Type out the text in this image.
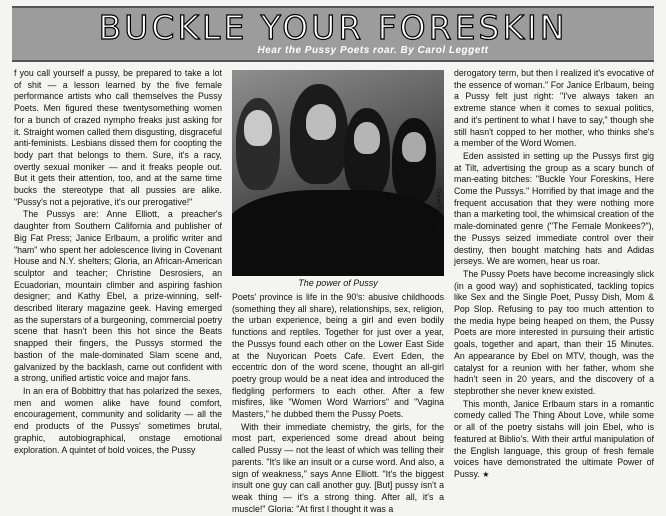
BUCKLE YOUR FORESKIN
Hear the Pussy Poets roar. By Carol Leggett

f you call yourself a pussy, be prepared to take a lot of shit — a lesson learned by the five female performance artists who call themselves the Pussy Poets. Men figured these twentysomething women for a bunch of crazed nympho freaks just asking for it. Straight women called them disgusting, disgraceful anti-feminists. Lesbians dissed them for coopting the body part that belongs to them. Sure, it's a racy, overtly sexual moniker — and it freaks people out. But it gets their attention, too, and at the same time bucks the stereotype that all pussies are alike. "Pussy's not a pejorative, it's our prerogative!"

The Pussys are: Anne Elliott, a preacher's daughter from Southern California and publisher of Big Fat Press; Janice Erlbaum, a prolific writer and "ham" who spent her adolescence living in Covenant House and N.Y. shelters; Gloria, an African-American sculptor and teacher; Christine Desrosiers, an Ecuadorian, mountain climber and aspiring fashion designer; and Kathy Ebel, a prize-winning, self-described literary magazine geek. Having emerged as the superstars of a burgeoning, commercial poetry scene that hasn't been this hot since the Beats snapped their fingers, the Pussys stormed the bastion of the male-dominated Slam scene and, galvanized by the backlash, came out confident with a strong, unified artistic voice and major fans.

In an era of Bobbittry that has polarized the sexes, men and women alike have found comfort, encouragement, community and solidarity — all the end products of the Pussys' sometimes brutal, graphic, autobiographical, onstage emotional exploration. A quintet of bold voices, the Pussy

JOHN DIFILIPPO
The power of Pussy

Poets' province is life in the 90's: abusive childhoods (something they all share), relationships, sex, religion, the urban experience, being a girl and even bodily functions and reptiles. Together for just over a year, the Pussys found each other on the Lower East Side at the Nuyorican Poets Cafe. Evert Eden, the eccentric don of the word scene, thought an all-girl poetry group would be a neat idea and introduced the fledgling performers to each other. After a few misfires, like "Women Word Warriors" and "Vagina Masters," he dubbed them the Pussy Poets.

With their immediate chemistry, the girls, for the most part, experienced some dread about being called Pussy — not the least of which was telling their parents. "It's like an insult or a curse word. And also, a sign of weakness," says Anne Elliott. "It's the biggest insult one guy can call another guy. [But] pussy isn't a weak thing — it's a strong thing. After all, it's a muscle!" Gloria: "At first I thought it was a

derogatory term, but then I realized it's evocative of the essence of woman." For Janice Erlbaum, being a Pussy felt just right: "I've always taken an extreme stance when it comes to sexual politics, and it's pertinent to what I have to say," though she still hasn't copped to her mother, who thinks she's a member of the Word Women.

Eden assisted in setting up the Pussys first gig at Tilt, advertising the group as a scary bunch of man-eating bitches: "Buckle Your Foreskins, Here Come the Pussys." Horrified by that image and the frequent accusation that they were nothing more than a marketing tool, the whimsical creation of the male-dominated genre ("The Female Monkees?"), the Pussys seized immediate control over their destiny, then bought matching hats and Adidas jerseys. We are women, hear us roar.

The Pussy Poets have become increasingly slick (in a good way) and sophisticated, tackling topics like Sex and the Single Poet, Pussy Dish, Mom & Pop Slop. Refusing to pay too much attention to the media hype being heaped on them, the Pussy Poets are more interested in pursuing their artistic goals, together and apart, than their 15 Minutes. An appearance by Ebel on MTV, though, was the catalyst for a reunion with her father, whom she hadn't seen in 20 years, and the discovery of a stepbrother she never knew existed.

This month, Janice Erlbaum stars in a romantic comedy called The Thing About Love, while some or all of the poetry sistahs will join Ebel, who is featured at Biblio's. With their artful manipulation of the English language, this group of fresh female voices have demonstrated the ultimate Power of Pussy. ★
